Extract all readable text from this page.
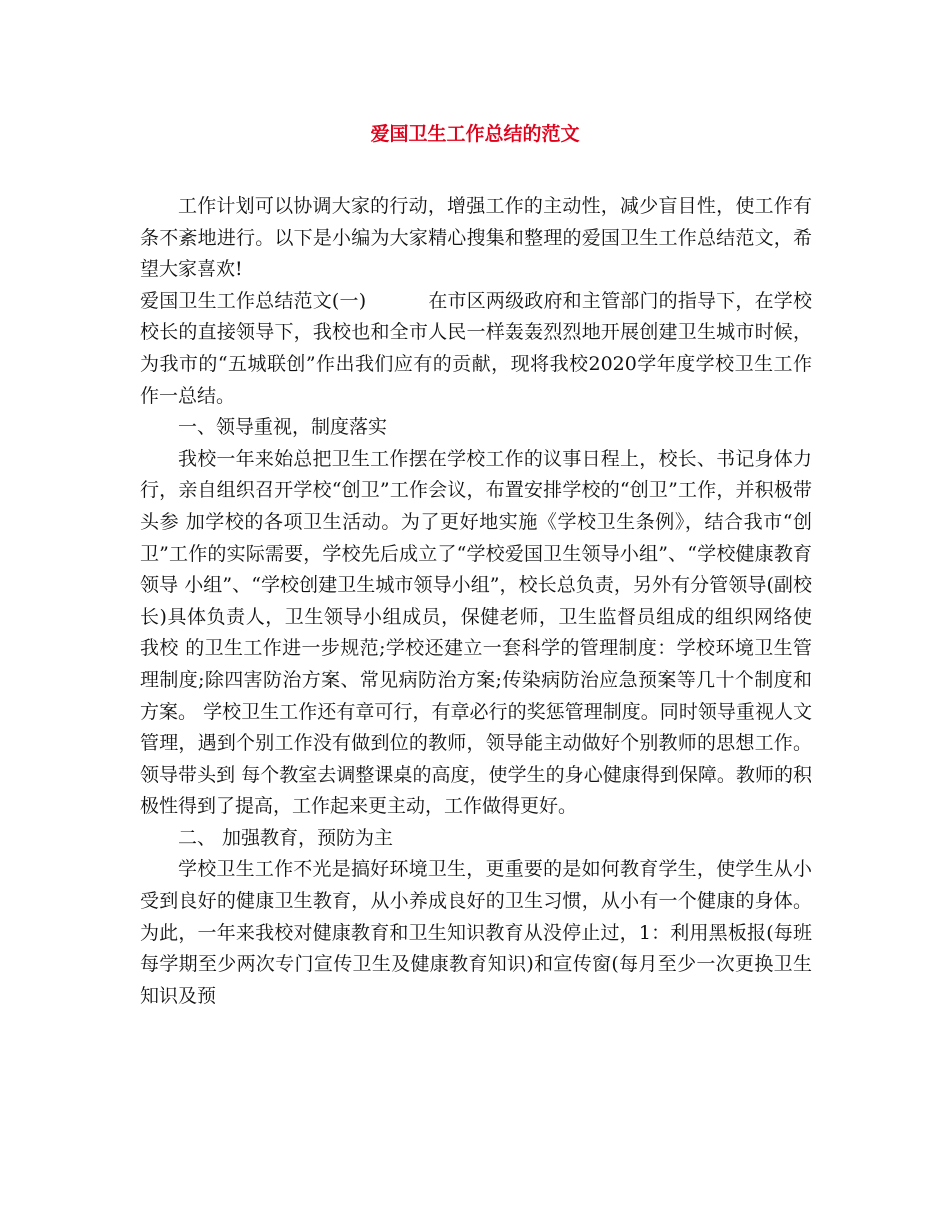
爱国卫生工作总结的范文

工作计划可以协调大家的行动，增强工作的主动性，减少盲目性，使工作有条不紊地进行。以下是小编为大家精心搜集和整理的爱国卫生工作总结范文，希望大家喜欢!

爱国卫生工作总结范文(一)	在市区两级政府和主管部门的指导下，在学校校长的直接领导下，我校也和全市人民一样轰轰烈烈地开展创建卫生城市时候，为我市的“五城联创”作出我们应有的贡献，现将我校2020学年度学校卫生工作作一总结。

一、领导重视，制度落实

我校一年来始总把卫生工作摆在学校工作的议事日程上，校长、书记身体力行，亲自组织召开学校“创卫”工作会议，布置安排学校的“创卫”工作，并积极带头参 加学校的各项卫生活动。为了更好地实施《学校卫生条例》，结合我市“创卫”工作的实际需要，学校先后成立了“学校爱国卫生领导小组”、“学校健康教育领导 小组”、“学校创建卫生城市领导小组”，校长总负责，另外有分管领导(副校长)具体负责人，卫生领导小组成员，保健老师，卫生监督员组成的组织网络使我校 的卫生工作进一步规范;学校还建立一套科学的管理制度：学校环境卫生管理制度;除四害防治方案、常见病防治方案;传染病防治应急预案等几十个制度和方案。 学校卫生工作还有章可行，有章必行的奖惩管理制度。同时领导重视人文管理，遇到个别工作没有做到位的教师，领导能主动做好个别教师的思想工作。领导带头到 每个教室去调整课桌的高度，使学生的身心健康得到保障。教师的积极性得到了提高，工作起来更主动，工作做得更好。

二、 加强教育，预防为主

学校卫生工作不光是搞好环境卫生，更重要的是如何教育学生，使学生从小受到良好的健康卫生教育，从小养成良好的卫生习惯，从小有一个健康的身体。为此，一年来我校对健康教育和卫生知识教育从没停止过，1：利用黑板报(每班每学期至少两次专门宣传卫生及健康教育知识)和宣传窗(每月至少一次更换卫生知识及预
